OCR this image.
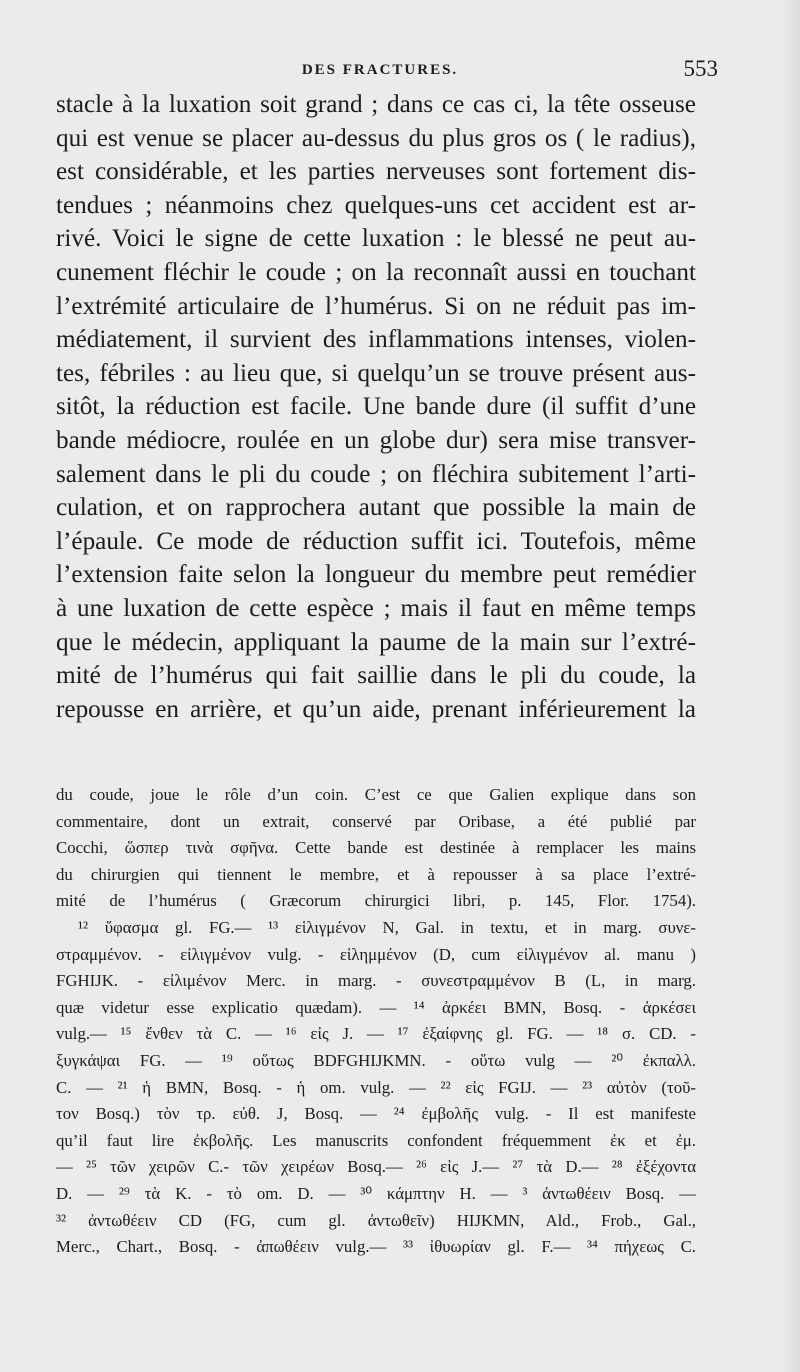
DES FRACTURES.	553
stacle à la luxation soit grand ; dans ce cas ci, la tête osseuse
qui est venue se placer au-dessus du plus gros os ( le radius),
est considérable, et les parties nerveuses sont fortement dis-
tendues ; néanmoins chez quelques-uns cet accident est ar-
rivé. Voici le signe de cette luxation : le blessé ne peut au-
cunement fléchir le coude ; on la reconnaît aussi en touchant
l’extrémité articulaire de l’humérus. Si on ne réduit pas im-
médiatement, il survient des inflammations intenses, violen-
tes, fébriles : au lieu que, si quelqu’un se trouve présent aus-
sitôt, la réduction est facile. Une bande dure (il suffit d’une
bande médiocre, roulée en un globe dur) sera mise transver-
salement dans le pli du coude ; on fléchira subitement l’arti-
culation, et on rapprochera autant que possible la main de
l’épaule. Ce mode de réduction suffit ici. Toutefois, même
l’extension faite selon la longueur du membre peut remédier
à une luxation de cette espèce ; mais il faut en même temps
que le médecin, appliquant la paume de la main sur l’extré-
mité de l’humérus qui fait saillie dans le pli du coude, la
repousse en arrière, et qu’un aide, prenant inférieurement la
du coude, joue le rôle d’un coin. C’est ce que Galien explique dans son
commentaire, dont un extrait, conservé par Oribase, a été publié par
Cocchi, ὥσπερ τινὰ σφῆνα. Cette bande est destinée à remplacer les mains
du chirurgien qui tiennent le membre, et à repousser à sa place l’extré-
mité de l’humérus ( Græcorum chirurgici libri, p. 145, Flor. 1754).
¹² ὕφασμα gl. FG.— ¹³ εἱλιγμένον N, Gal. in textu, et in marg. συνε-
στραμμένον. - εἰλιγμένον vulg. - εἰλημμένον (D, cum εἰλιγμένον al. manu )
FGHIJK. - εἰλιμένον Merc. in marg. - συνεστραμμένον B (L, in marg.
quæ videtur esse explicatio quædam). — ¹⁴ ἀρκέει BMN, Bosq. - ἀρκέσει
vulg.— ¹⁵ ἔνθεν τὰ C. — ¹⁶ εἰς J. — ¹⁷ ἐξαίφνης gl. FG. — ¹⁸ σ. CD. -
ξυγκάψαι FG. — ¹⁹ οὕτως BDFGHIJKMN. - οὕτω vulg — ²⁰ ἐκπαλλ.
C. — ²¹ ἡ BMN, Bosq. - ἡ om. vulg. — ²² εἰς FGIJ. — ²³ αὐτὸν (τοῦ-
τον Bosq.) τὸν τρ. εὐθ. J, Bosq. — ²⁴ ἐμβολῆς vulg. - Il est manifeste
qu’il faut lire ἐκβολῆς. Les manuscrits confondent fréquemment ἐκ et ἐμ.
— ²⁵ τῶν χειρῶν C.- τῶν χειρέων Bosq.— ²⁶ εἰς J.— ²⁷ τὰ D.— ²⁸ ἐξέχοντα
D. — ²⁹ τὰ K. - τὸ om. D. — ³⁰ κάμπτην H. — ³ ἀντωθέειν Bosq. —
³² ἀντωθέειν CD (FG, cum gl. ἀντωθεῖν) HIJKMN, Ald., Frob., Gal.,
Merc., Chart., Bosq. - ἀπωθέειν vulg.— ³³ ἰθυωρίαν gl. F.— ³⁴ πήχεως C.
